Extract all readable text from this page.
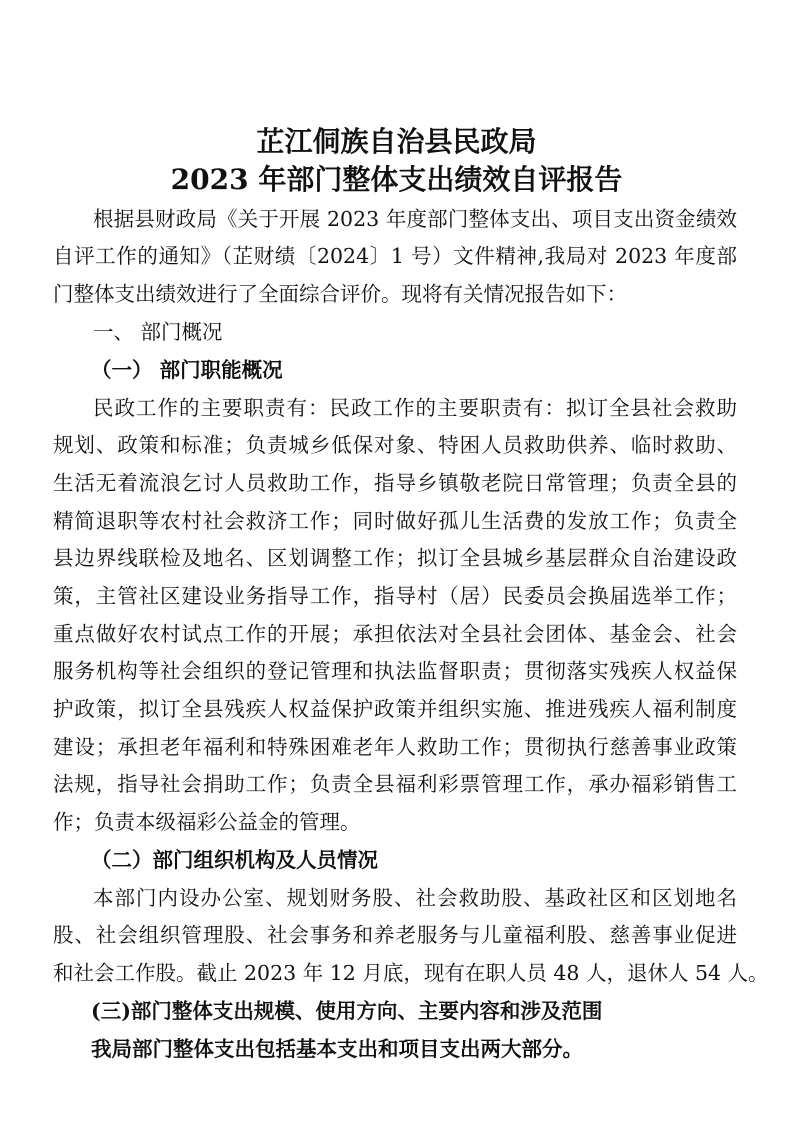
芷江侗族自治县民政局
2023 年部门整体支出绩效自评报告
根据县财政局《关于开展 2023 年度部门整体支出、项目支出资金绩效
自评工作的通知》（芷财绩〔2024〕1 号）文件精神,我局对 2023 年度部
门整体支出绩效进行了全面综合评价。现将有关情况报告如下：
一、 部门概况
（一） 部门职能概况
民政工作的主要职责有：民政工作的主要职责有：拟订全县社会救助
规划、政策和标准；负责城乡低保对象、特困人员救助供养、临时救助、
生活无着流浪乞讨人员救助工作，指导乡镇敬老院日常管理；负责全县的
精简退职等农村社会救济工作；同时做好孤儿生活费的发放工作；负责全
县边界线联检及地名、区划调整工作；拟订全县城乡基层群众自治建设政
策，主管社区建设业务指导工作，指导村（居）民委员会换届选举工作；
重点做好农村试点工作的开展；承担依法对全县社会团体、基金会、社会
服务机构等社会组织的登记管理和执法监督职责；贯彻落实残疾人权益保
护政策，拟订全县残疾人权益保护政策并组织实施、推进残疾人福利制度
建设；承担老年福利和特殊困难老年人救助工作；贯彻执行慈善事业政策
法规，指导社会捐助工作；负责全县福利彩票管理工作，承办福彩销售工
作；负责本级福彩公益金的管理。
（二）部门组织机构及人员情况
本部门内设办公室、规划财务股、社会救助股、基政社区和区划地名
股、社会组织管理股、社会事务和养老服务与儿童福利股、慈善事业促进
和社会工作股。截止 2023 年 12 月底，现有在职人员 48 人，退休人 54 人。
(三)部门整体支出规模、使用方向、主要内容和涉及范围
我局部门整体支出包括基本支出和项目支出两大部分。
